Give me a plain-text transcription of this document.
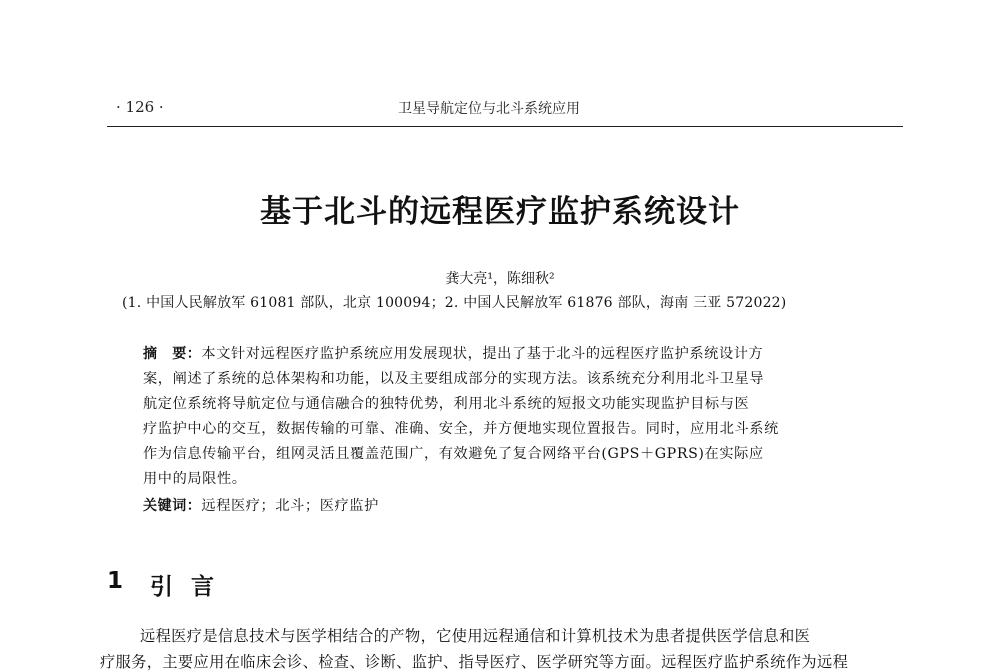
· 126 ·	卫星导航定位与北斗系统应用
基于北斗的远程医疗监护系统设计
龚大亮¹，陈细秋²
(1. 中国人民解放军 61081 部队，北京 100094；2. 中国人民解放军 61876 部队，海南 三亚 572022)
摘　要：本文针对远程医疗监护系统应用发展现状，提出了基于北斗的远程医疗监护系统设计方
案，阐述了系统的总体架构和功能，以及主要组成部分的实现方法。该系统充分利用北斗卫星导
航定位系统将导航定位与通信融合的独特优势，利用北斗系统的短报文功能实现监护目标与医
疗监护中心的交互，数据传输的可靠、准确、安全，并方便地实现位置报告。同时，应用北斗系统
作为信息传输平台，组网灵活且覆盖范围广，有效避免了复合网络平台(GPS＋GPRS)在实际应
用中的局限性。
关键词：远程医疗；北斗；医疗监护
1 引言
远程医疗是信息技术与医学相结合的产物，它使用远程通信和计算机技术为患者提供医学信息和医
疗服务，主要应用在临床会诊、检查、诊断、监护、指导医疗、医学研究等方面。远程医疗监护系统作为远程
